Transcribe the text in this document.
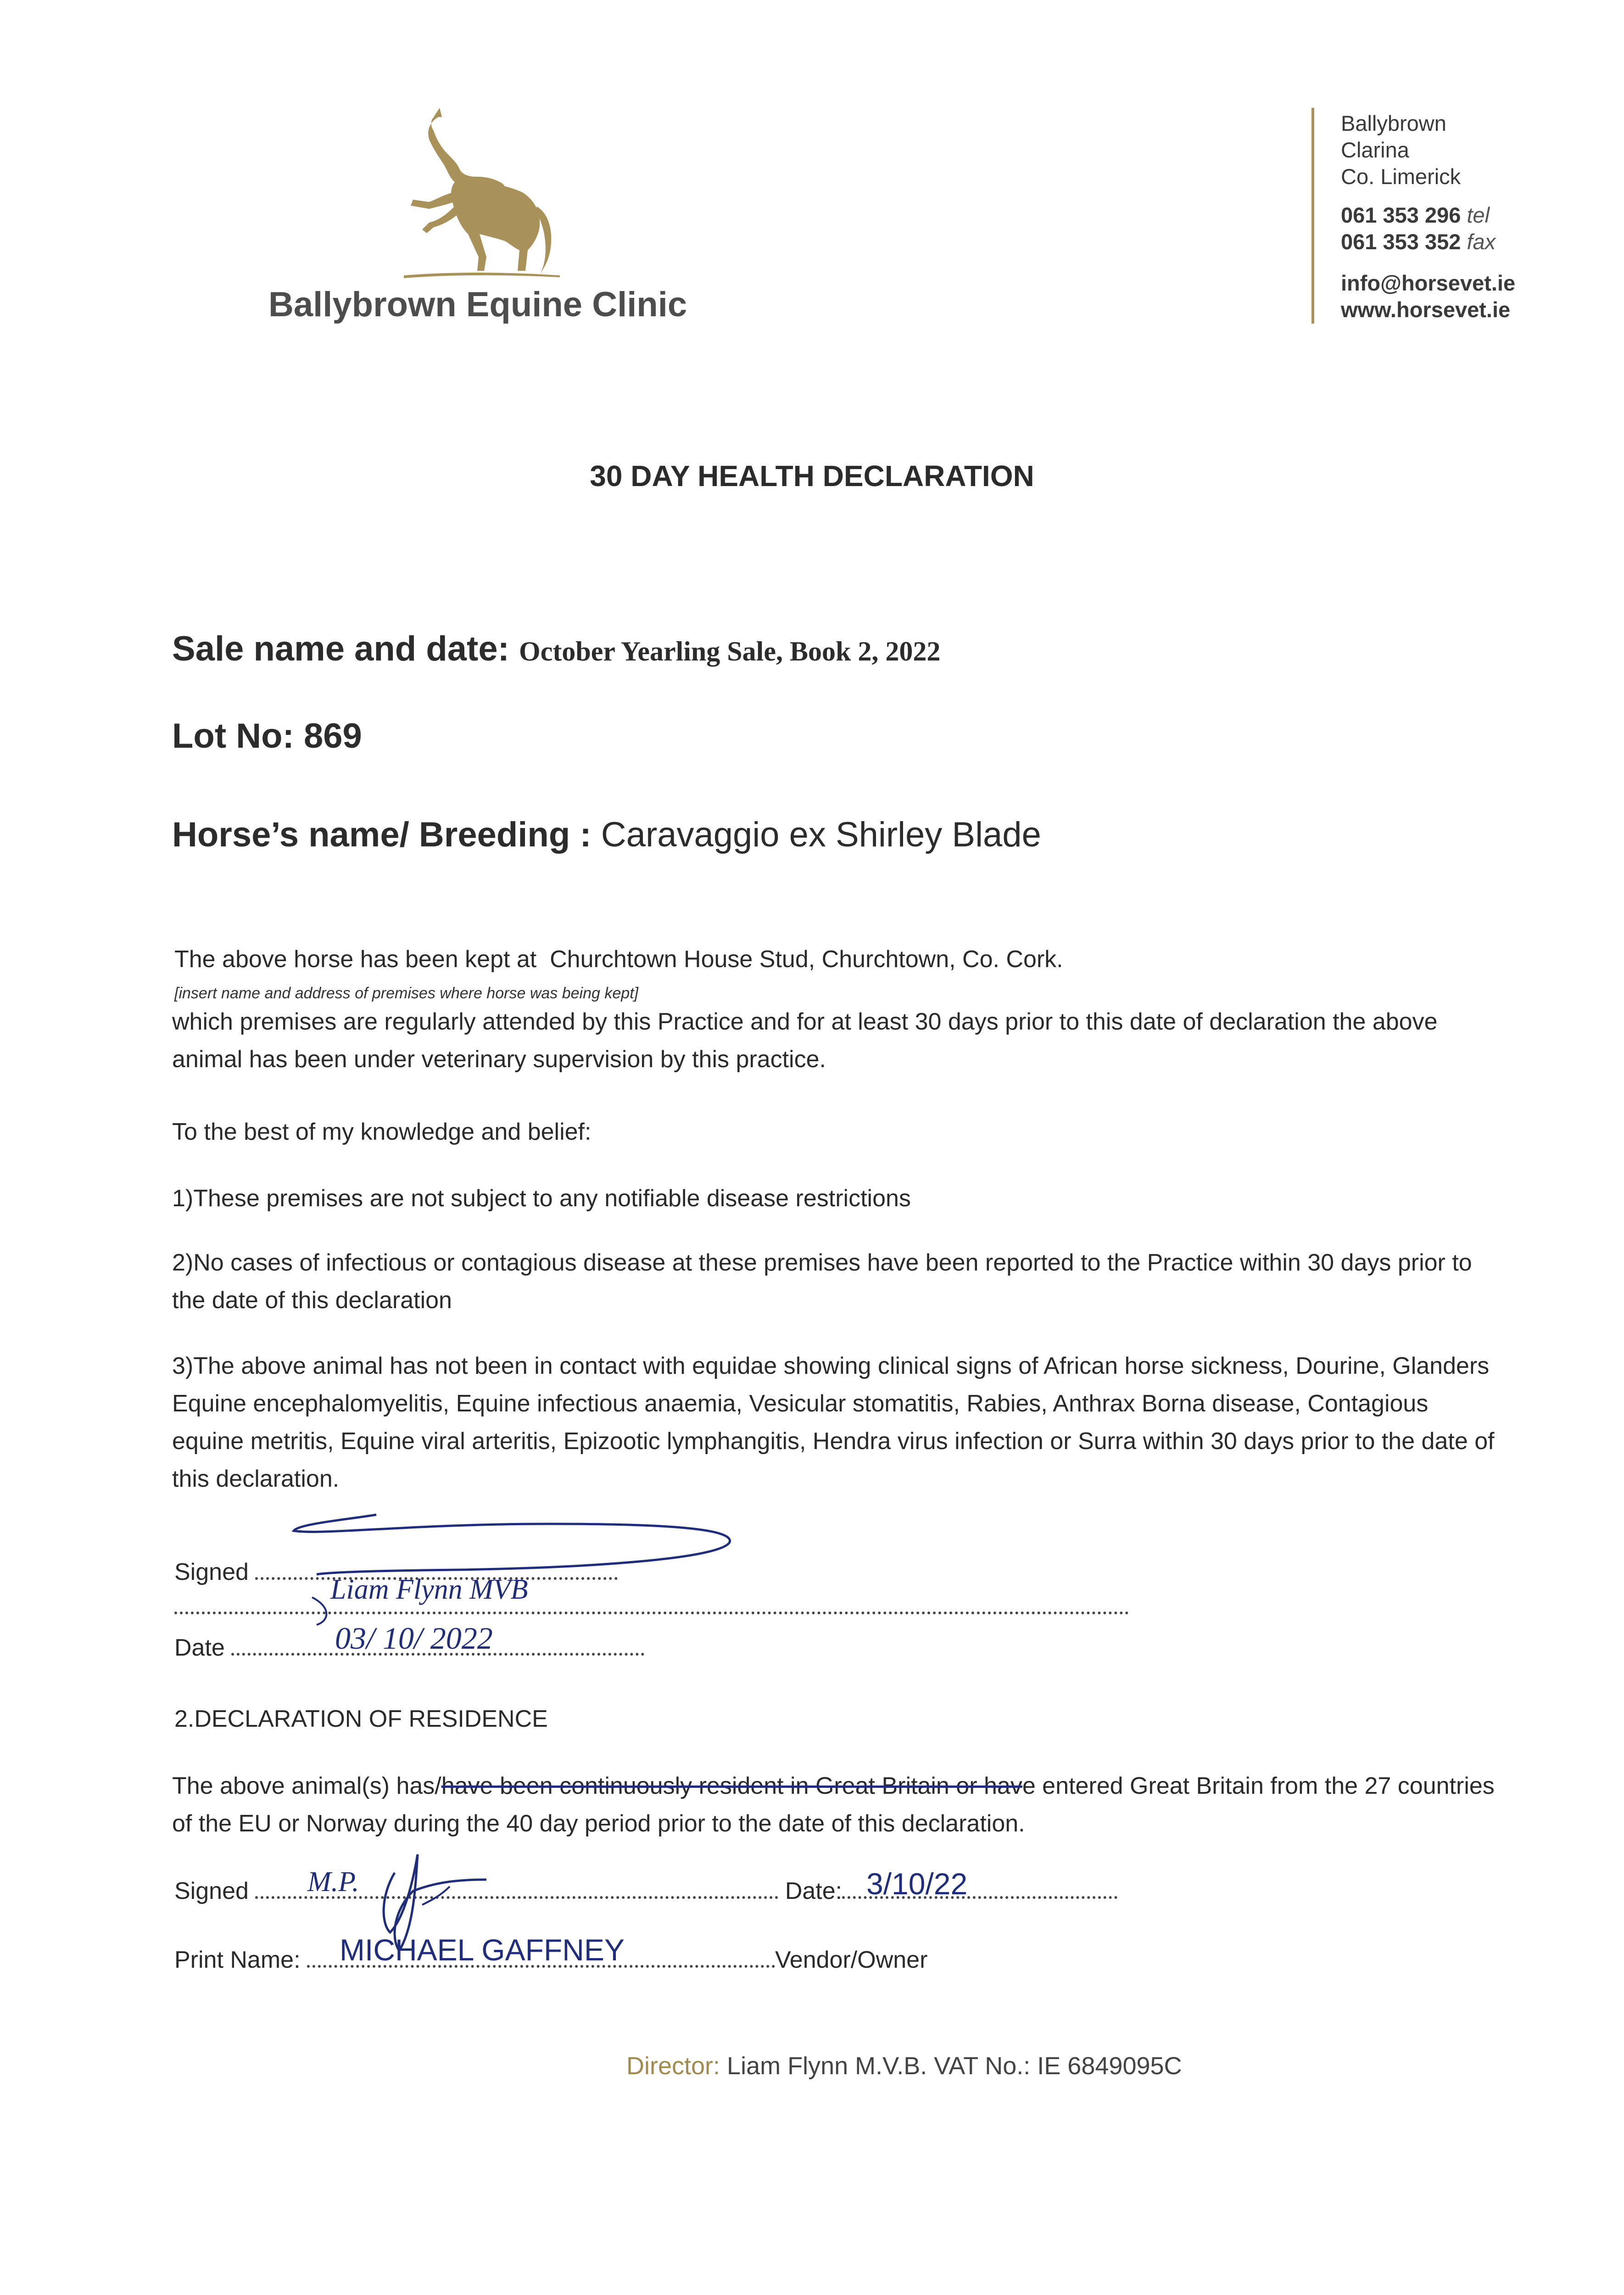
Ballybrown Equine Clinic
Ballybrown
Clarina
Co. Limerick
061 353 296 tel
061 353 352 fax
info@horsevet.ie
www.horsevet.ie
30 DAY HEALTH DECLARATION
Sale name and date: October Yearling Sale, Book 2, 2022
Lot No: 869
Horse’s name/ Breeding : Caravaggio ex Shirley Blade
The above horse has been kept at Churchtown House Stud, Churchtown, Co. Cork.
[insert name and address of premises where horse was being kept]
which premises are regularly attended by this Practice and for at least 30 days prior to this date of declaration the above animal has been under veterinary supervision by this practice.
To the best of my knowledge and belief:
1)These premises are not subject to any notifiable disease restrictions
2)No cases of infectious or contagious disease at these premises have been reported to the Practice within 30 days prior to the date of this declaration
3)The above animal has not been in contact with equidae showing clinical signs of African horse sickness, Dourine, Glanders Equine encephalomyelitis, Equine infectious anaemia, Vesicular stomatitis, Rabies, Anthrax Borna disease, Contagious equine metritis, Equine viral arteritis, Epizootic lymphangitis, Hendra virus infection or Surra within 30 days prior to the date of this declaration.
Signed
Liam Flynn MVB
Date	03/ 10/ 2022
2.DECLARATION OF RESIDENCE
The above animal(s) has/have been continuously resident in Great Britain or have entered Great Britain from the 27 countries of the EU or Norway during the 40 day period prior to the date of this declaration.
Signed	Date:
M.P.	3/10/22
Print Name:	Vendor/Owner
MICHAEL GAFFNEY
Director: Liam Flynn M.V.B. VAT No.: IE 6849095C
